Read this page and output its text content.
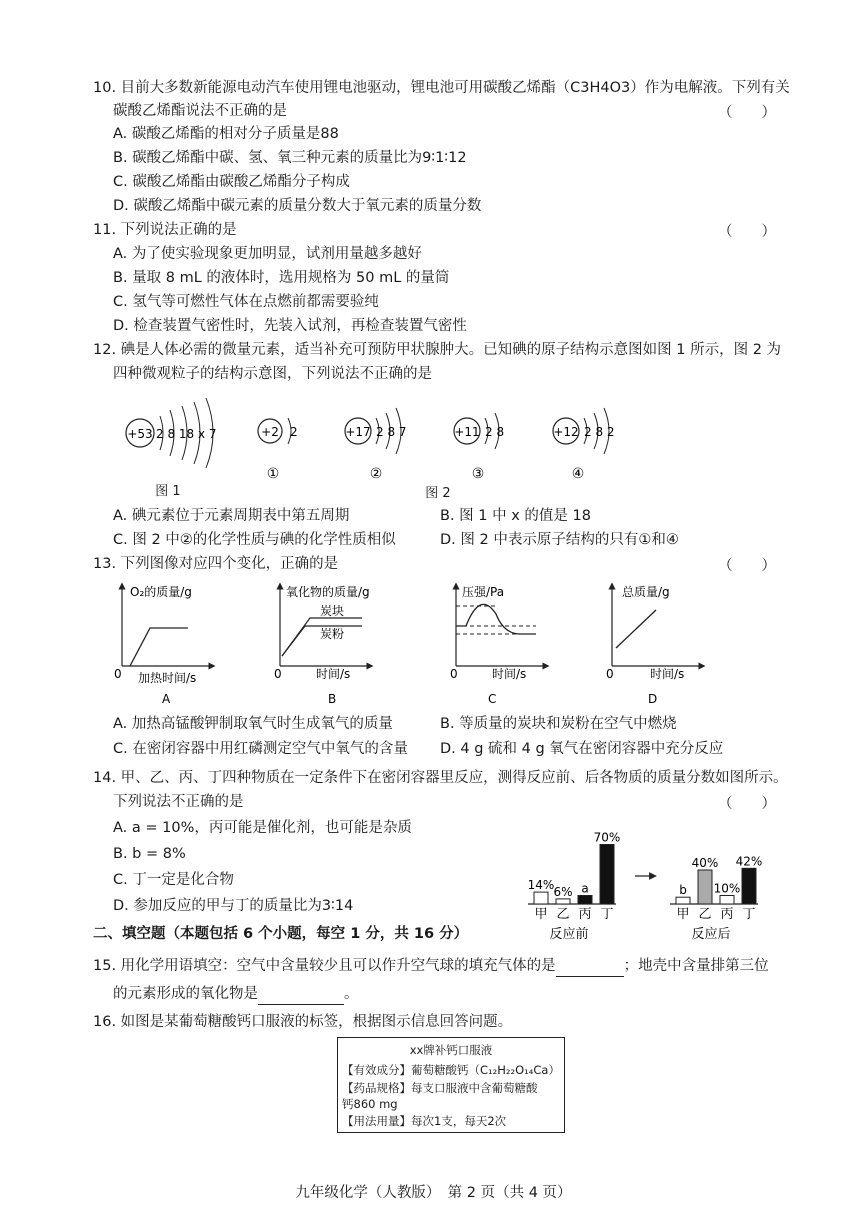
10. 目前大多数新能源电动汽车使用锂电池驱动，锂电池可用碳酸乙烯酯（C3H4O3）作为电解液。下列有关
碳酸乙烯酯说法不正确的是	（　　）
A. 碳酸乙烯酯的相对分子质量是88
B. 碳酸乙烯酯中碳、氢、氧三种元素的质量比为9∶1∶12
C. 碳酸乙烯酯由碳酸乙烯酯分子构成
D. 碳酸乙烯酯中碳元素的质量分数大于氧元素的质量分数
11. 下列说法正确的是	（　　）
A. 为了使实验现象更加明显，试剂用量越多越好
B. 量取 8 mL 的液体时，选用规格为 50 mL 的量筒
C. 氢气等可燃性气体在点燃前都需要验纯
D. 检查装置气密性时，先装入试剂，再检查装置气密性
12. 碘是人体必需的微量元素，适当补充可预防甲状腺肿大。已知碘的原子结构示意图如图 1 所示，图 2 为
四种微观粒子的结构示意图，下列说法不正确的是
+53 2 8 18 x 7	+2 2
①
+17 2 8 7
②
+11 2 8
③
+12 2 8 2
④
图 1	图 2
A. 碘元素位于元素周期表中第五周期	B. 图 1 中 x 的值是 18
C. 图 2 中②的化学性质与碘的化学性质相似	D. 图 2 中表示原子结构的只有①和④
13. 下列图像对应四个变化，正确的是	（　　）
O₂的质量/g
加热时间/s
0
A
氧化物的质量/g
炭块
炭粉
时间/s
0
B
压强/Pa
时间/s
0
C
总质量/g
时间/s
0
D
A. 加热高锰酸钾制取氧气时生成氧气的质量	B. 等质量的炭块和炭粉在空气中燃烧
C. 在密闭容器中用红磷测定空气中氧气的含量 D. 4 g 硫和 4 g 氧气在密闭容器中充分反应
14. 甲、乙、丙、丁四种物质在一定条件下在密闭容器里反应，测得反应前、后各物质的质量分数如图所示。
下列说法不正确的是	（　　）
A. a = 10%，丙可能是催化剂，也可能是杂质
B. b = 8%
C. 丁一定是化合物
D. 参加反应的甲与丁的质量比为3∶14
14%
甲
6%
乙
a
丙
70%
丁
反应前
b
甲
40%
乙
10%
丙
42%
丁
反应后
二、填空题（本题包括 6 个小题，每空 1 分，共 16 分）
15. 用化学用语填空：空气中含量较少且可以作升空气球的填充气体的是	；地壳中含量排第三位
的元素形成的氧化物是	。
16. 如图是某葡萄糖酸钙口服液的标签，根据图示信息回答问题。
xx牌补钙口服液
【有效成分】葡萄糖酸钙（C₁₂H₂₂O₁₄Ca）
【药品规格】每支口服液中含葡萄糖酸
钙860 mg
【用法用量】每次1支，每天2次
九年级化学（人教版）　第 2 页（共 4 页）
